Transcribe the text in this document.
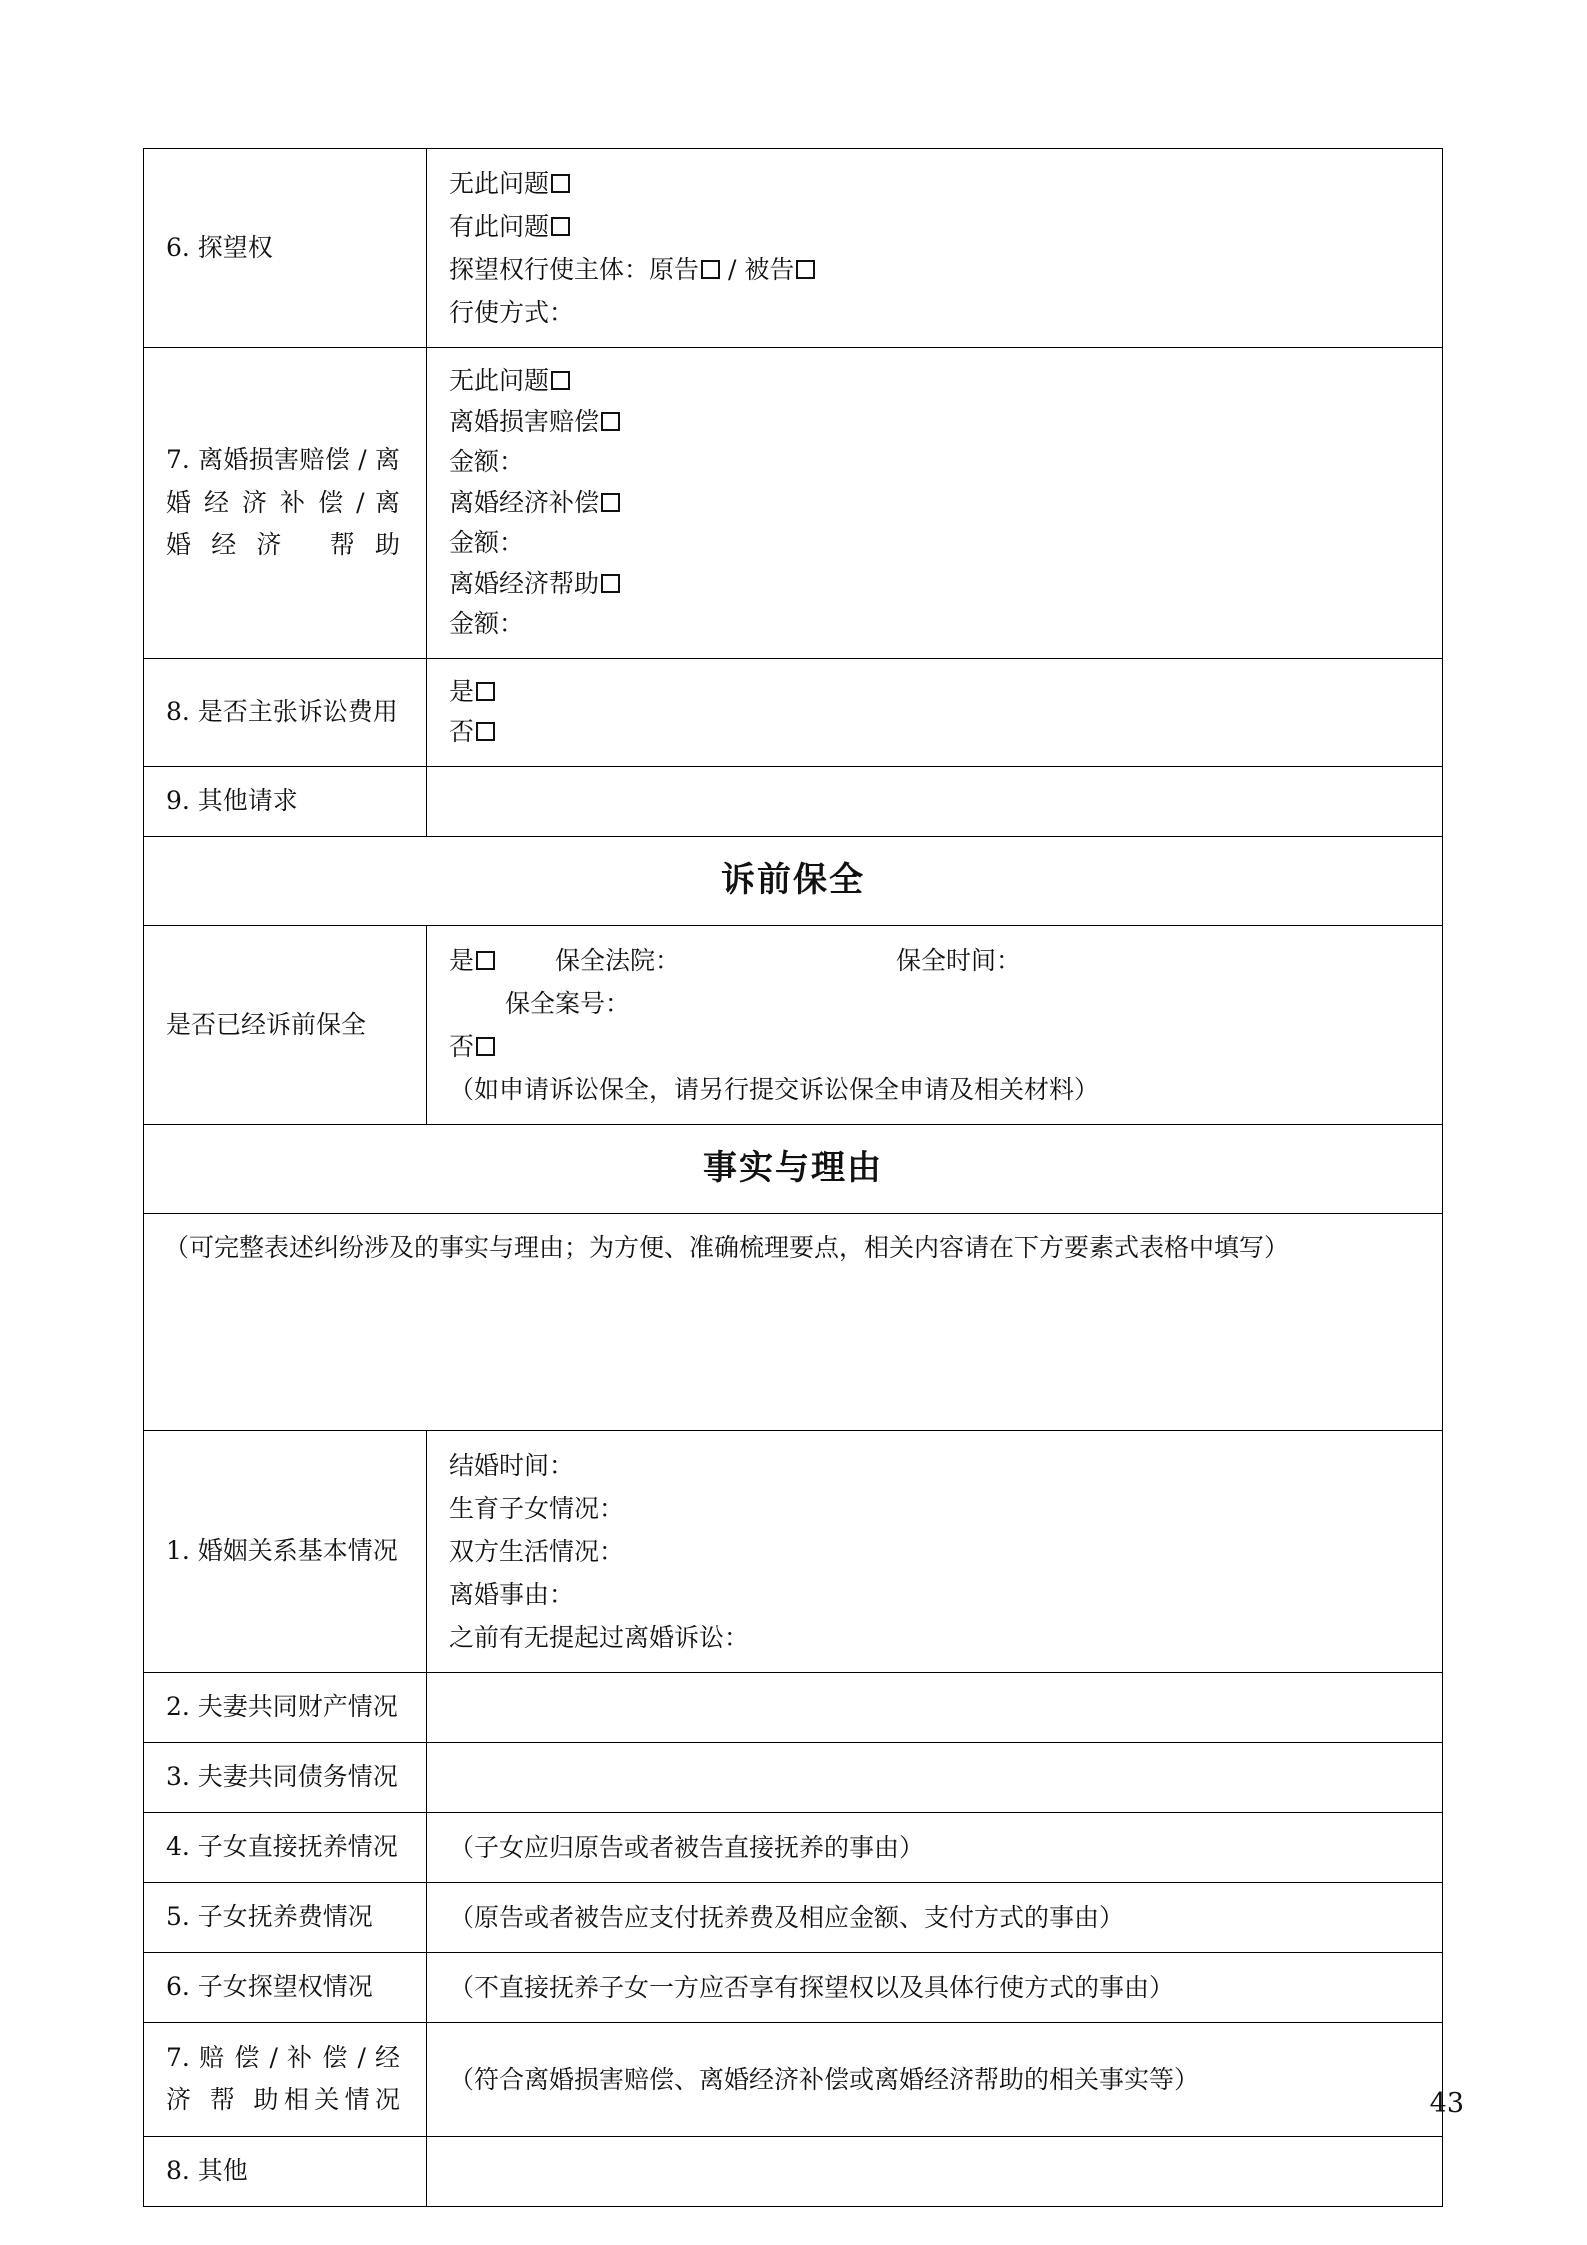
6. 探望权	无此问题
有此问题
探望权行使主体：原告 / 被告
行使方式：

7. 离婚损害赔偿 / 离婚 经 济 补 偿 / 离 婚经济 帮助

无此问题
离婚损害赔偿
金额：
离婚经济补偿
金额：
离婚经济帮助
金额：

8. 是否主张诉讼费用	是
否

9. 其他请求	

诉前保全	

是否已经诉前保全	是 保全法院： 保全时间：
保全案号：
否
（如申请诉讼保全，请另行提交诉讼保全申请及相关材料）

事实与理由	

（可完整表述纠纷涉及的事实与理由；为方便、准确梳理要点，相关内容请在下方要素式表格中填写）	

1. 婚姻关系基本情况	结婚时间：
生育子女情况：
双方生活情况：
离婚事由：
之前有无提起过离婚诉讼：

2. 夫妻共同财产情况	

3. 夫妻共同债务情况	

4. 子女直接抚养情况	（子女应归原告或者被告直接抚养的事由）

5. 子女抚养费情况	（原告或者被告应支付抚养费及相应金额、支付方式的事由）

6. 子女探望权情况	（不直接抚养子女一方应否享有探望权以及具体行使方式的事由）

7. 赔 偿 / 补 偿 / 经 济 帮 助相关情况	（符合离婚损害赔偿、离婚经济补偿或离婚经济帮助的相关事实等）

8. 其他	

43
